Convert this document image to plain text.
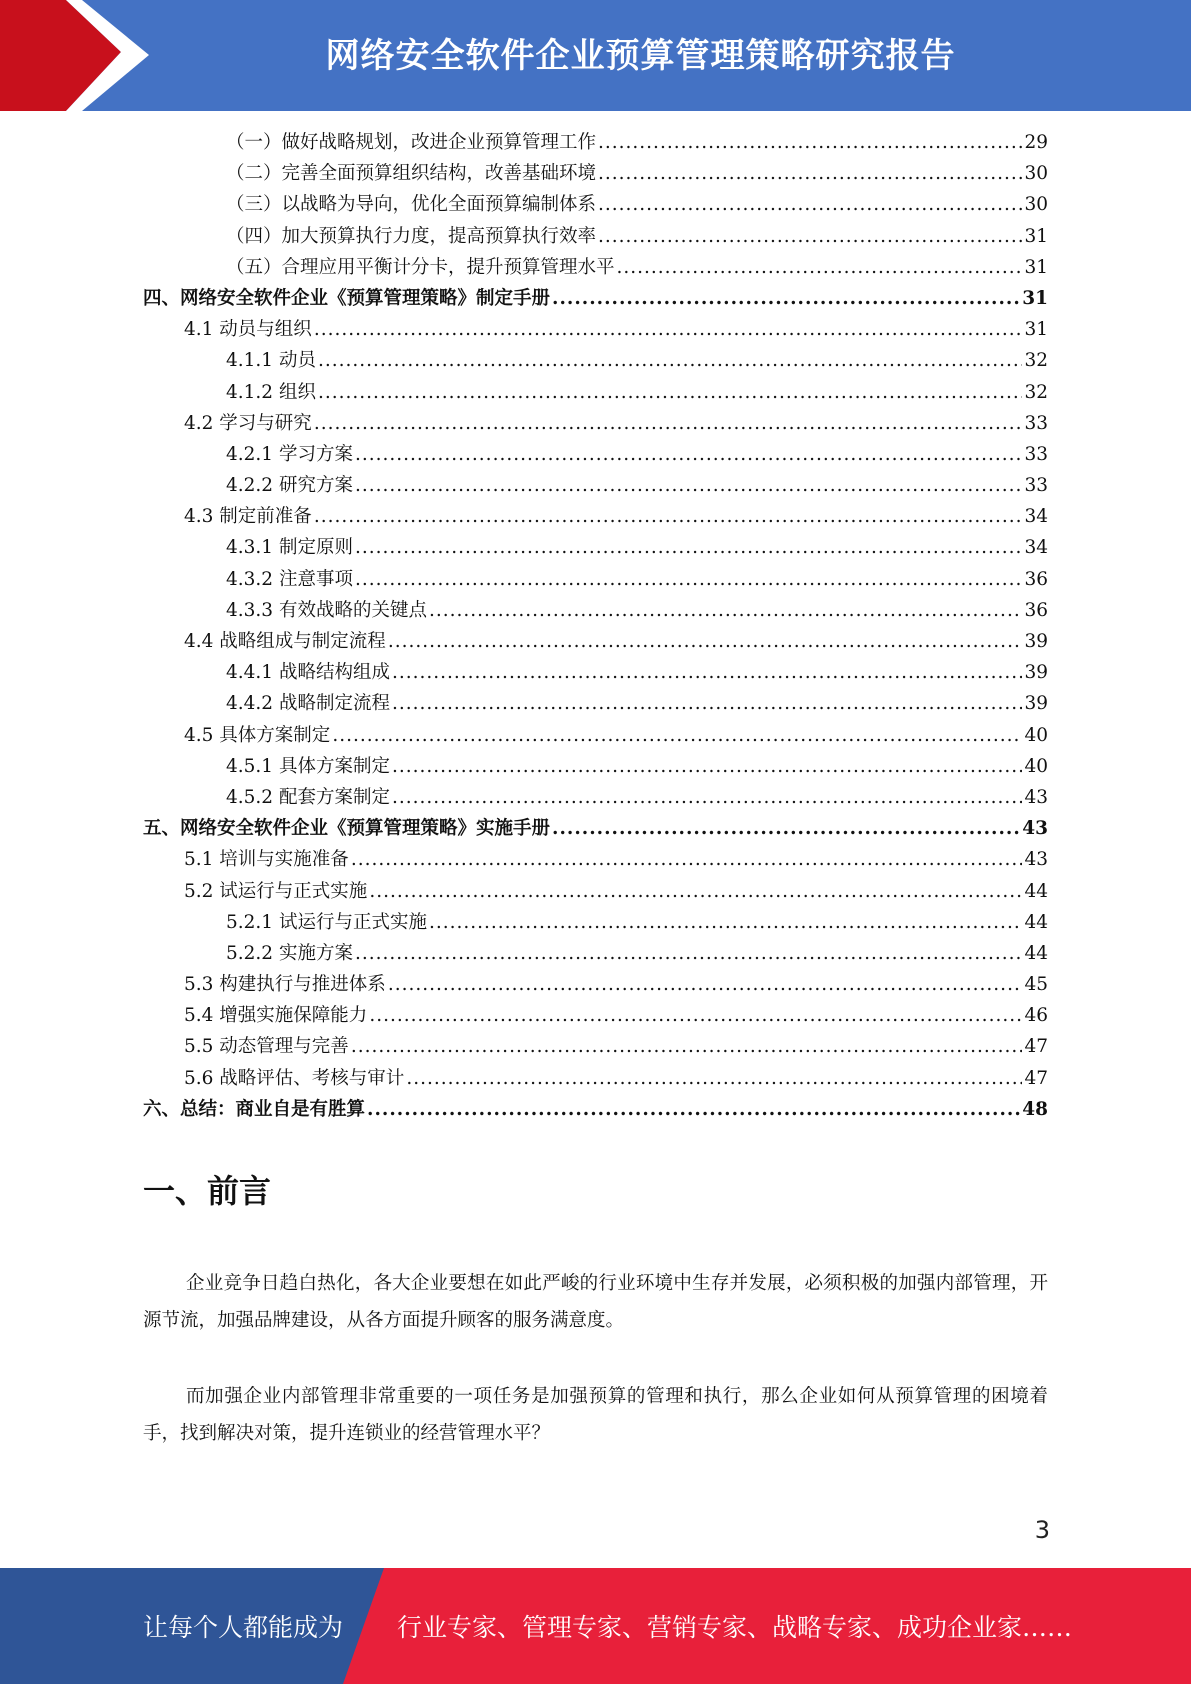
网络安全软件企业预算管理策略研究报告
（一）做好战略规划，改进企业预算管理工作 .....	29
（二）完善全面预算组织结构，改善基础环境 .....	30
（三）以战略为导向，优化全面预算编制体系 .....	30
（四）加大预算执行力度，提高预算执行效率 .....	31
（五）合理应用平衡计分卡，提升预算管理水平 .....	31
四、网络安全软件企业《预算管理策略》制定手册 .....	31
4.1 动员与组织 .....	31
4.1.1 动员 .....	32
4.1.2 组织 .....	32
4.2 学习与研究 .....	33
4.2.1 学习方案 .....	33
4.2.2 研究方案 .....	33
4.3 制定前准备 .....	34
4.3.1 制定原则 .....	34
4.3.2 注意事项 .....	36
4.3.3 有效战略的关键点 .....	36
4.4 战略组成与制定流程 .....	39
4.4.1 战略结构组成 .....	39
4.4.2 战略制定流程 .....	39
4.5 具体方案制定 .....	40
4.5.1 具体方案制定 .....	40
4.5.2 配套方案制定 .....	43
五、网络安全软件企业《预算管理策略》实施手册 .....	43
5.1 培训与实施准备 .....	43
5.2 试运行与正式实施 .....	44
5.2.1 试运行与正式实施 .....	44
5.2.2 实施方案 .....	44
5.3 构建执行与推进体系 .....	45
5.4 增强实施保障能力 .....	46
5.5 动态管理与完善 .....	47
5.6 战略评估、考核与审计 .....	47
六、总结：商业自是有胜算 .....	48
一、前言
企业竞争日趋白热化，各大企业要想在如此严峻的行业环境中生存并发展，必须积极的加强内部管理，开源节流，加强品牌建设，从各方面提升顾客的服务满意度。
而加强企业内部管理非常重要的一项任务是加强预算的管理和执行，那么企业如何从预算管理的困境着手，找到解决对策，提升连锁业的经营管理水平？
3
让每个人都能成为 行业专家、管理专家、营销专家、战略专家、成功企业家……
